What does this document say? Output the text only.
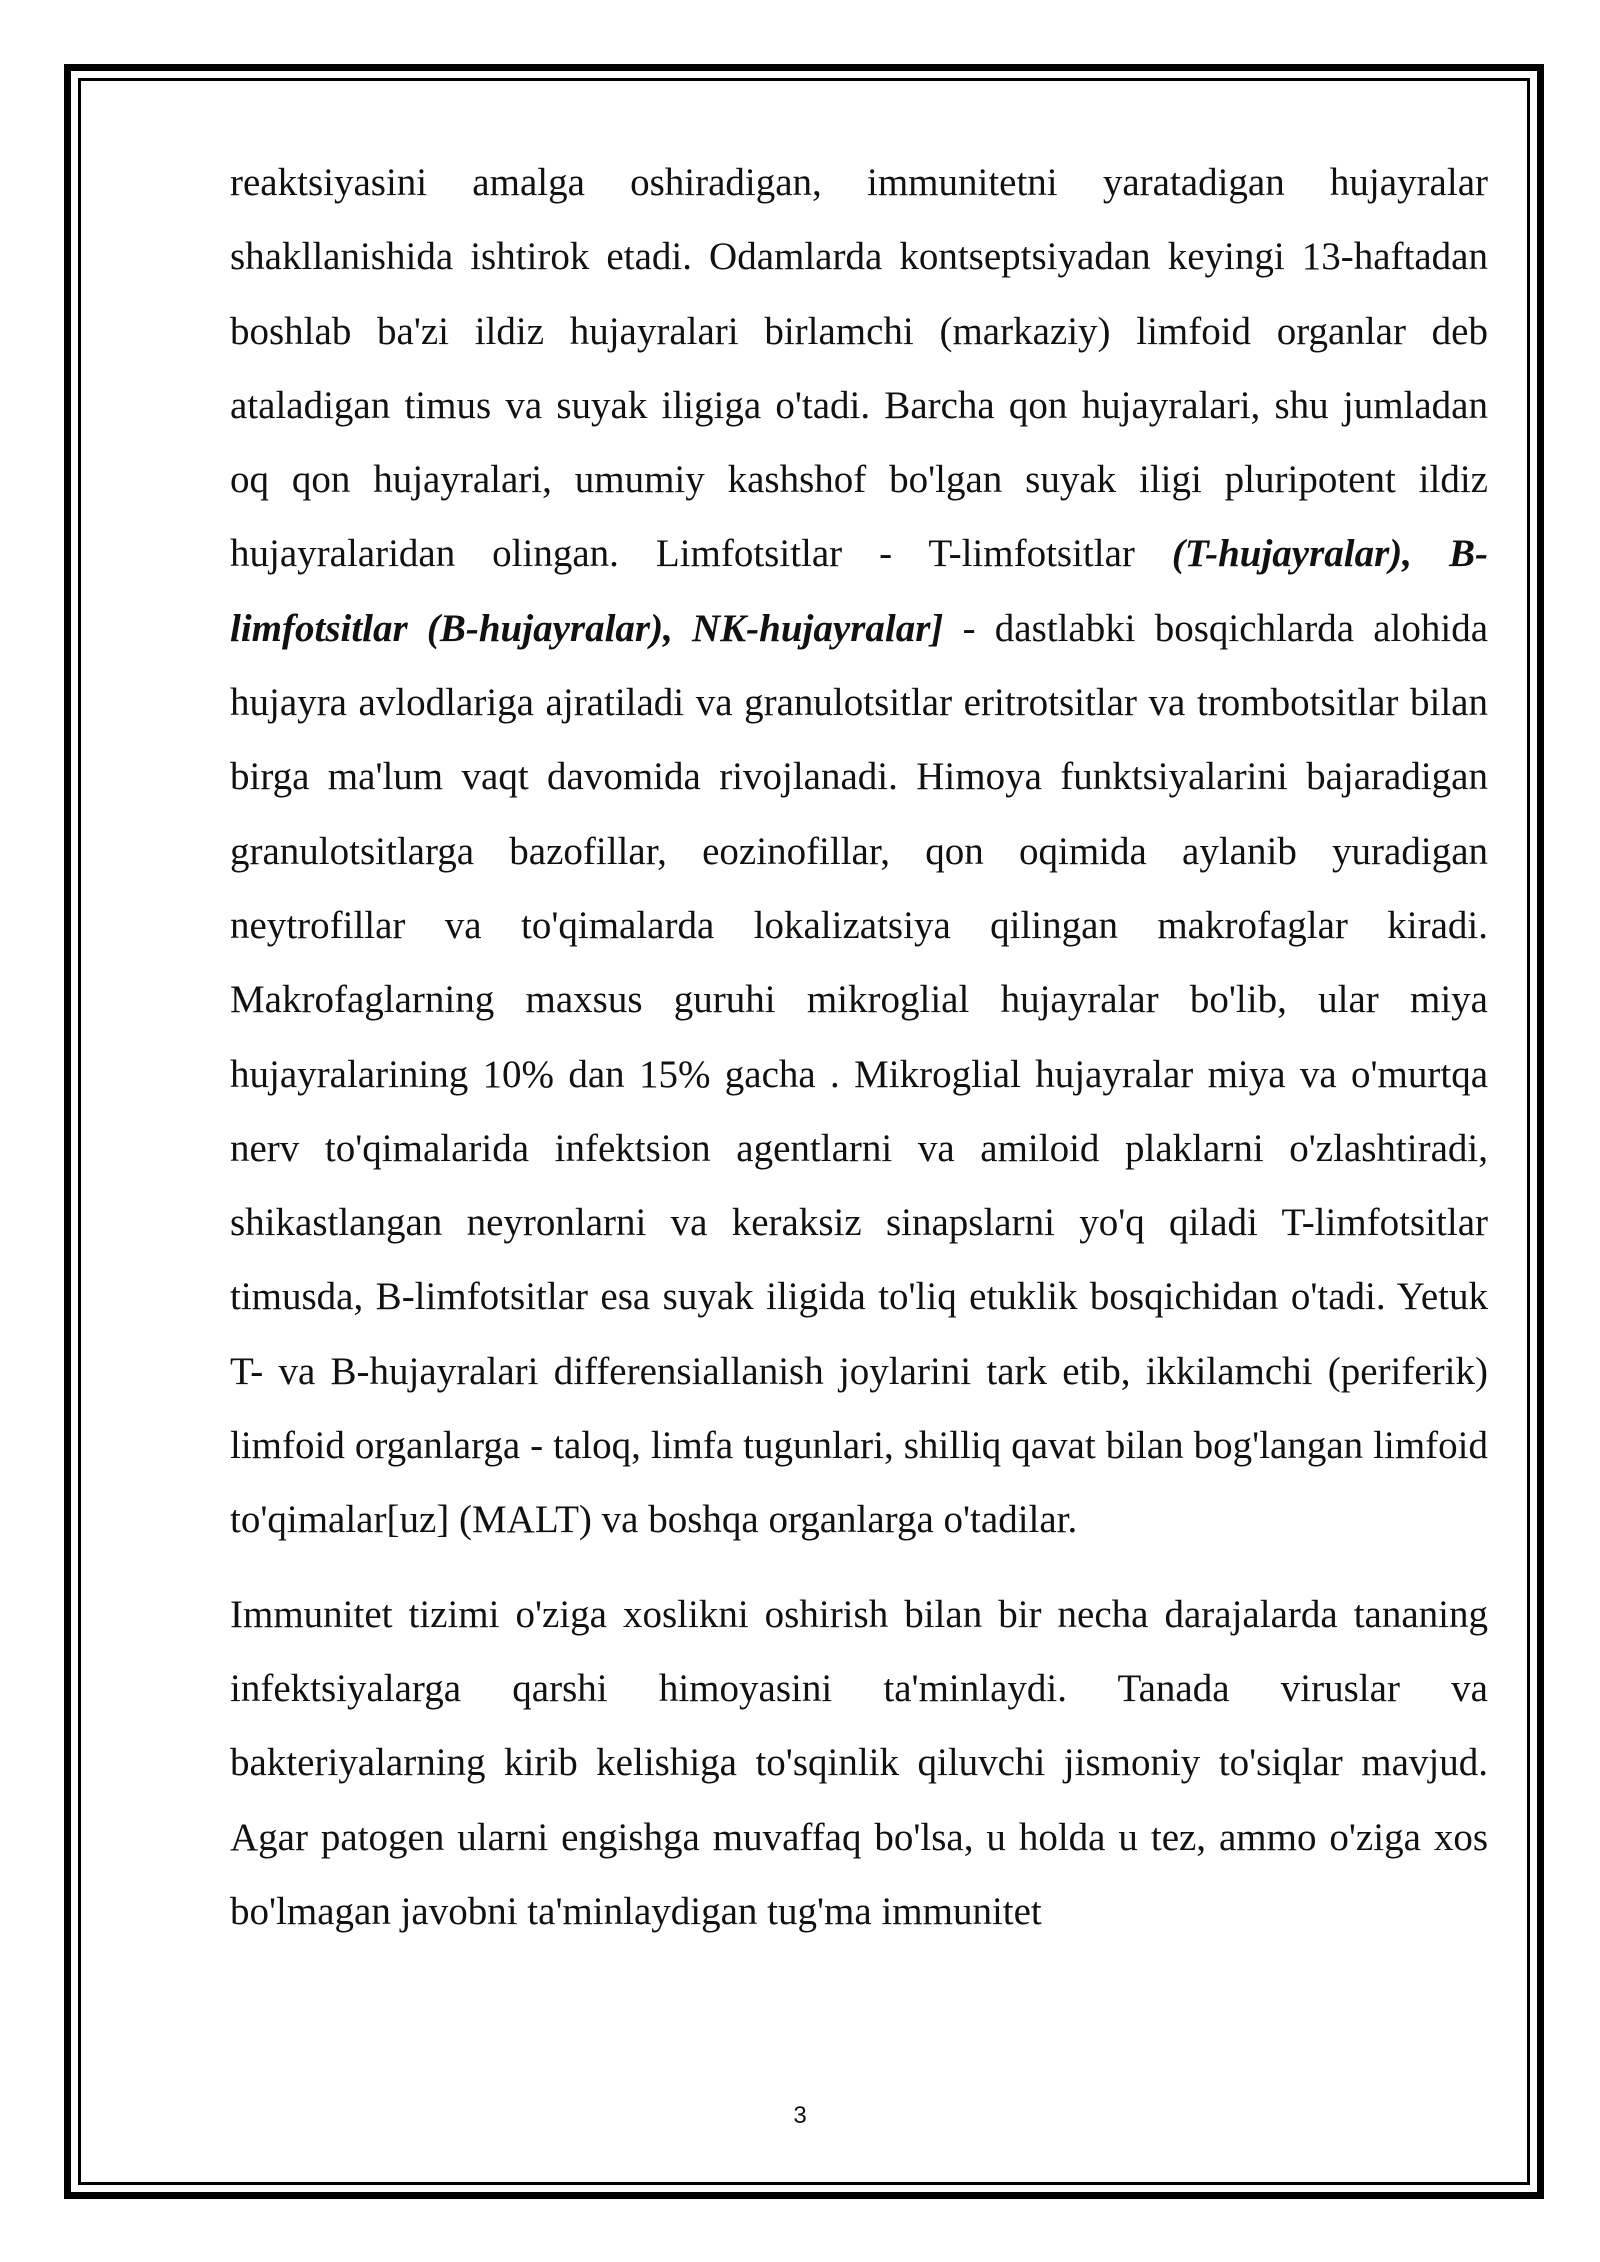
reaktsiyasini amalga oshiradigan, immunitetni yaratadigan hujayralar shakllanishida ishtirok etadi. Odamlarda kontseptsiyadan keyingi 13-haftadan boshlab ba'zi ildiz hujayralari birlamchi (markaziy) limfoid organlar deb ataladigan timus va suyak iligiga o'tadi. Barcha qon hujayralari, shu jumladan oq qon hujayralari, umumiy kashshof bo'lgan suyak iligi pluripotent ildiz hujayralaridan olingan. Limfotsitlar - T-limfotsitlar (T-hujayralar), B-limfotsitlar (B-hujayralar), NK-hujayralar] - dastlabki bosqichlarda alohida hujayra avlodlariga ajratiladi va granulotsitlar eritrotsitlar va trombotsitlar bilan birga ma'lum vaqt davomida rivojlanadi. Himoya funktsiyalarini bajaradigan granulotsitlarga bazofillar, eozinofillar, qon oqimida aylanib yuradigan neytrofillar va to'qimalarda lokalizatsiya qilingan makrofaglar kiradi. Makrofaglarning maxsus guruhi mikroglial hujayralar bo'lib, ular miya hujayralarining 10% dan 15% gacha . Mikroglial hujayralar miya va o'murtqa nerv to'qimalarida infektsion agentlarni va amiloid plaklarni o'zlashtiradi, shikastlangan neyronlarni va keraksiz sinapslarni yo'q qiladi T-limfotsitlar timusda, B-limfotsitlar esa suyak iligida to'liq etuklik bosqichidan o'tadi. Yetuk T- va B-hujayralari differensiallanish joylarini tark etib, ikkilamchi (periferik) limfoid organlarga - taloq, limfa tugunlari, shilliq qavat bilan bog'langan limfoid to'qimalar[uz] (MALT) va boshqa organlarga o'tadilar.

Immunitet tizimi o'ziga xoslikni oshirish bilan bir necha darajalarda tananing infektsiyalarga qarshi himoyasini ta'minlaydi. Tanada viruslar va bakteriyalarning kirib kelishiga to'sqinlik qiluvchi jismoniy to'siqlar mavjud. Agar patogen ularni engishga muvaffaq bo'lsa, u holda u tez, ammo o'ziga xos bo'lmagan javobni ta'minlaydigan tug'ma immunitet

3
